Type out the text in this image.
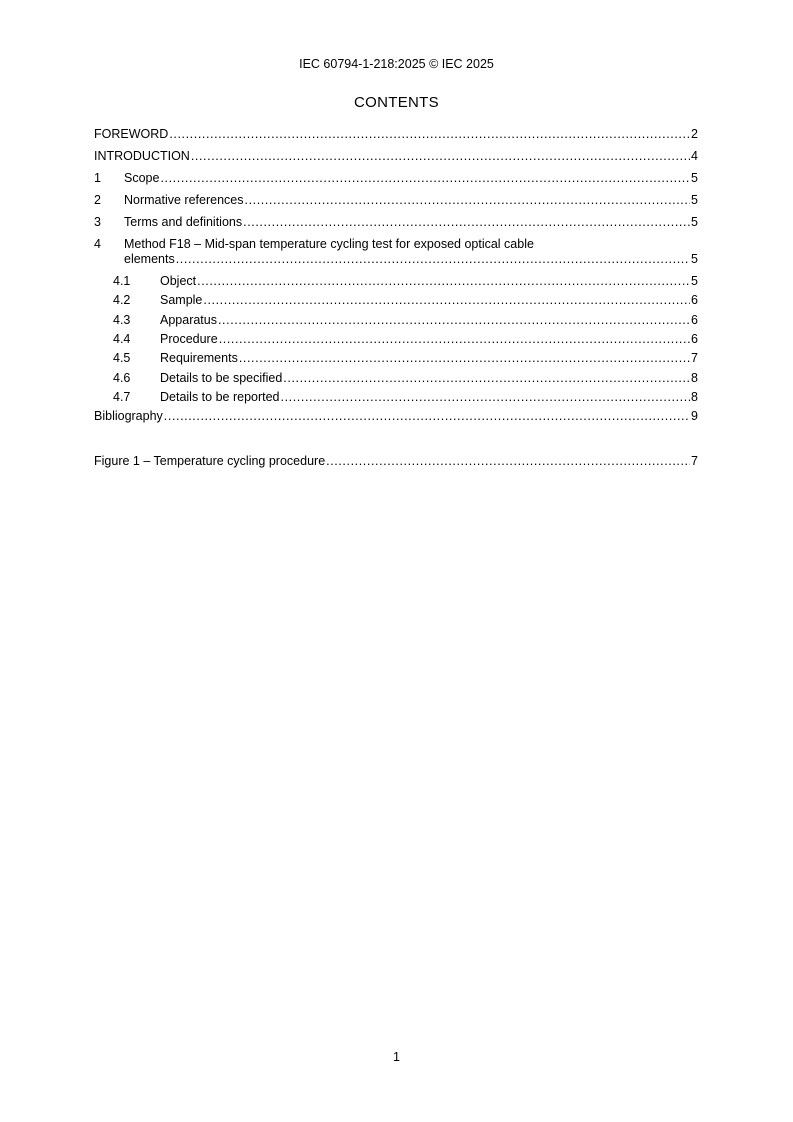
IEC 60794-1-218:2025 © IEC 2025
CONTENTS
FOREWORD .....	2
INTRODUCTION .....	4
1	Scope .....	5
2	Normative references .....	5
3	Terms and definitions .....	5
4	Method F18 – Mid-span temperature cycling test for exposed optical cable
elements .....	5
4.1	Object .....	5
4.2	Sample .....	6
4.3	Apparatus .....	6
4.4	Procedure .....	6
4.5	Requirements .....	7
4.6	Details to be specified .....	8
4.7	Details to be reported .....	8
Bibliography .....	9
Figure 1 – Temperature cycling procedure .....	7
1
